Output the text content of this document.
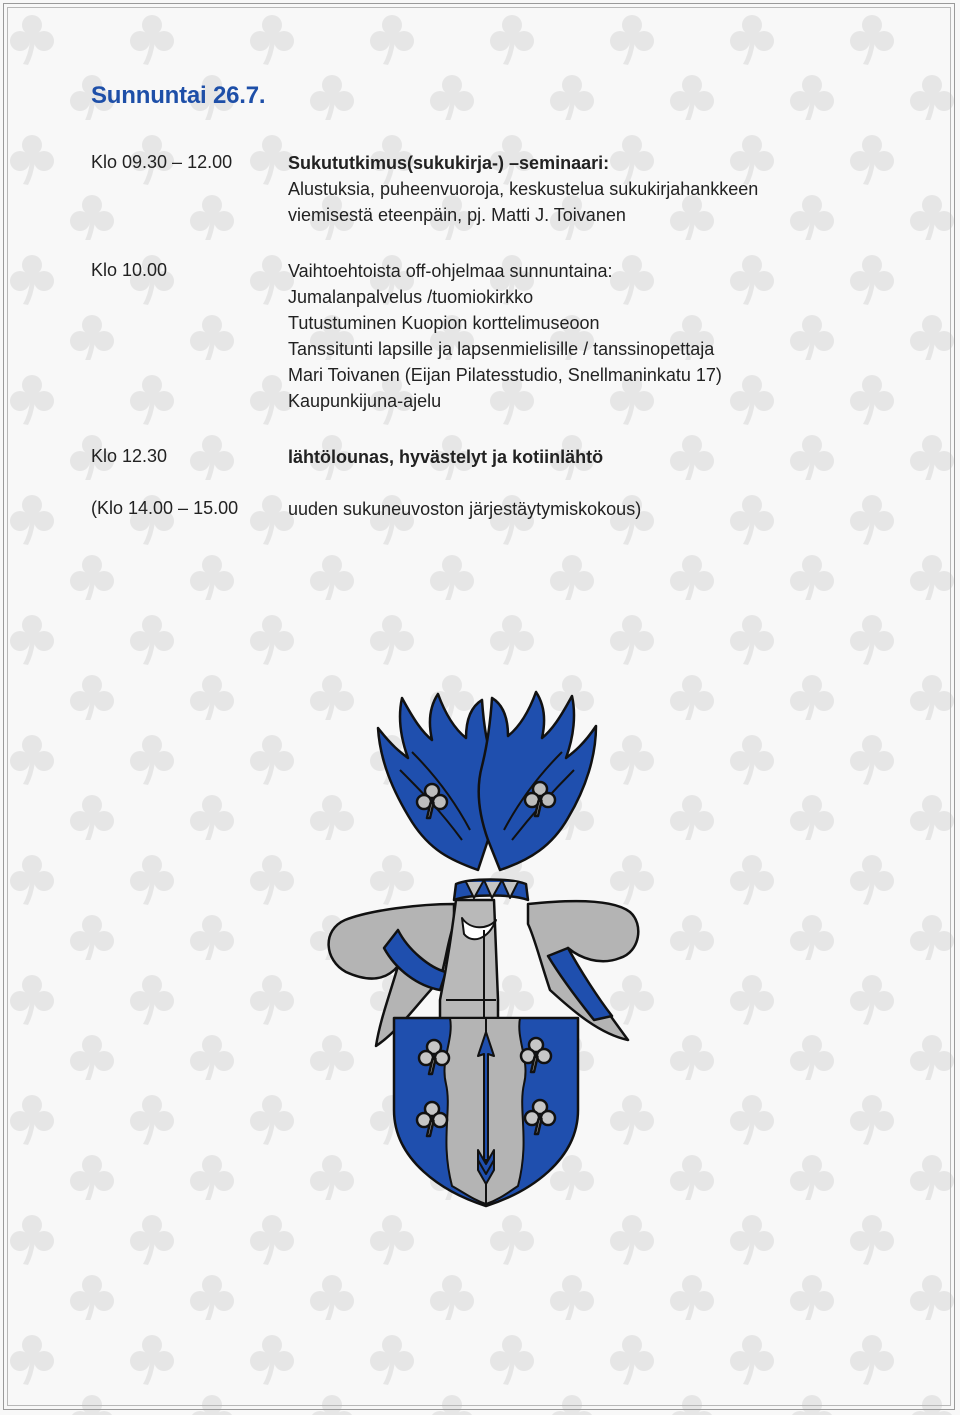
Sunnuntai 26.7.
Klo 09.30 – 12.00	Sukututkimus(sukukirja-) –seminaari:
Alustuksia, puheenvuoroja, keskustelua sukukirjahankkeen
viemisestä eteenpäin, pj. Matti J. Toivanen
Klo 10.00	Vaihtoehtoista off-ohjelmaa sunnuntaina:
Jumalanpalvelus /tuomiokirkko
Tutustuminen Kuopion korttelimuseoon
Tanssitunti lapsille ja lapsenmielisille / tanssinopettaja
Mari Toivanen (Eijan Pilatesstudio, Snellmaninkatu 17)
Kaupunkijuna-ajelu
Klo 12.30	lähtölounas, hyvästelyt ja kotiinlähtö
(Klo 14.00 – 15.00	uuden sukuneuvoston järjestäytymiskokous)
